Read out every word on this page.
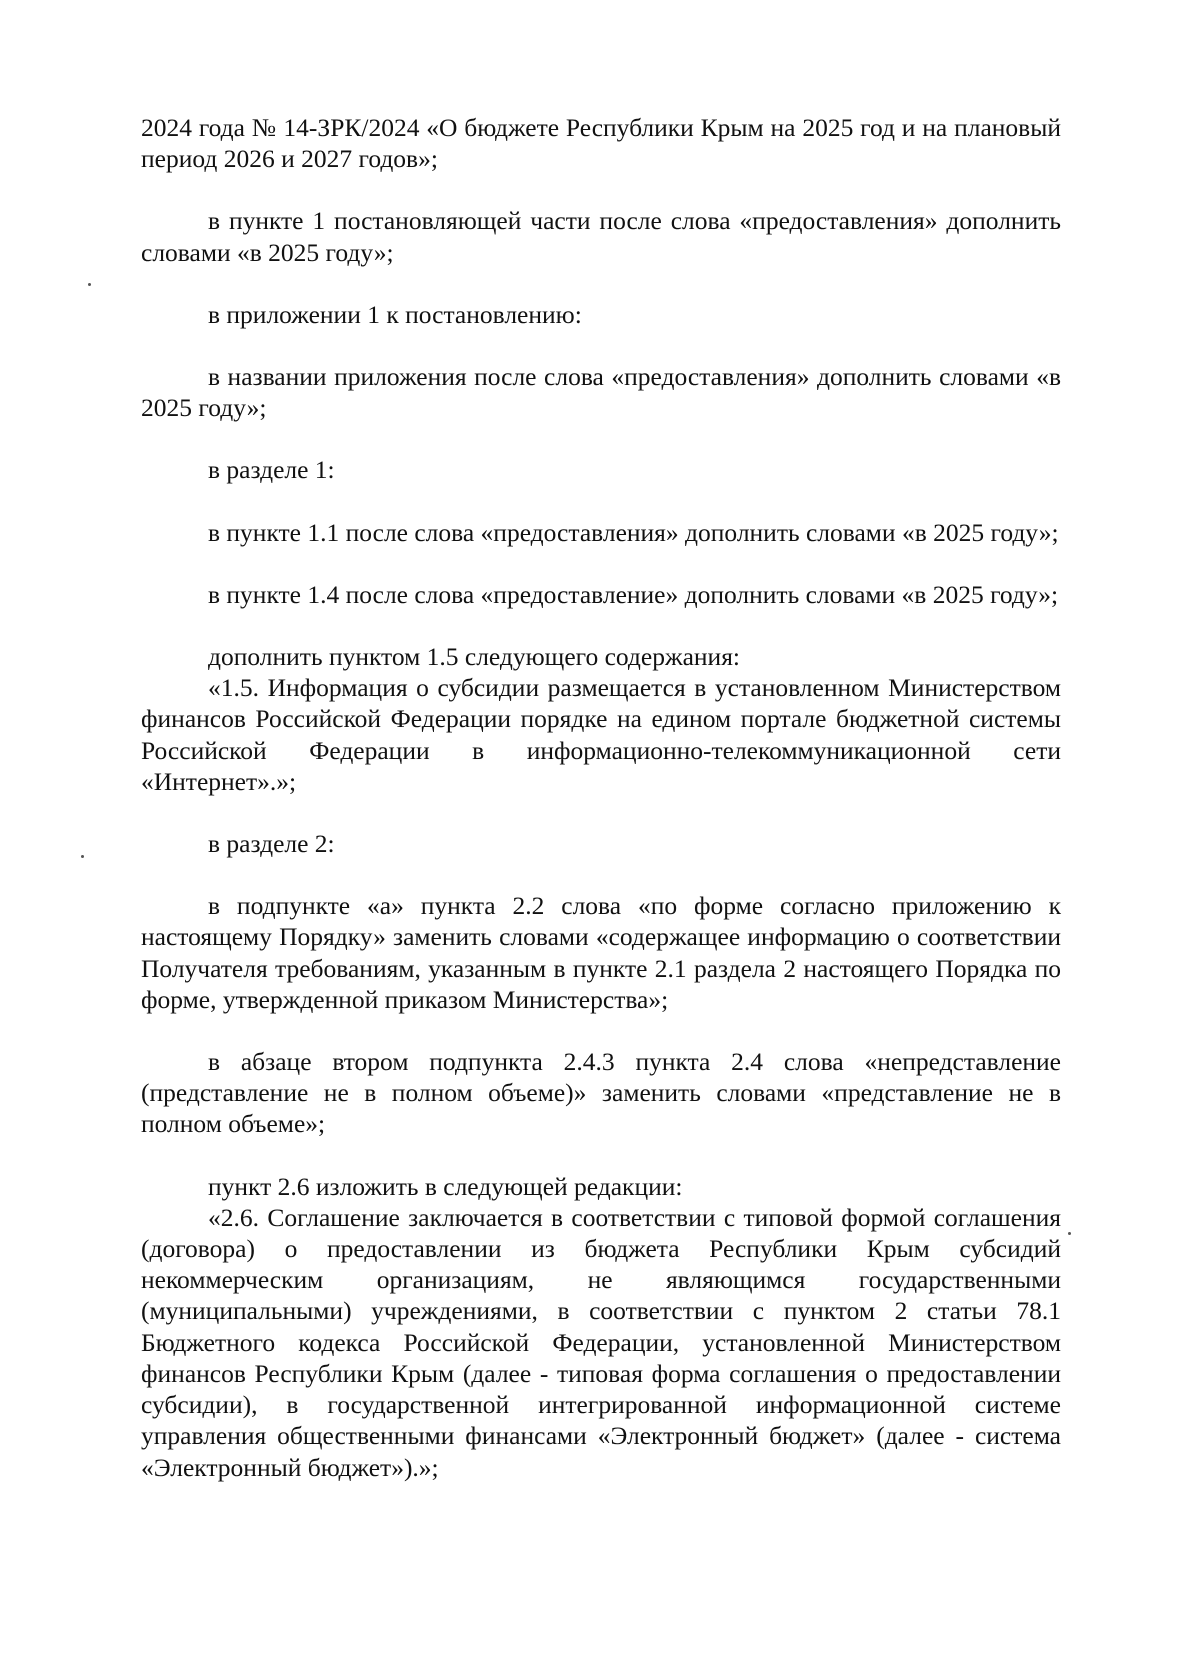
2024 года № 14-ЗРК/2024 «О бюджете Республики Крым на 2025 год и на плановый период 2026 и 2027 годов»;

в пункте 1 постановляющей части после слова «предоставления» дополнить словами «в 2025 году»;

в приложении 1 к постановлению:

в названии приложения после слова «предоставления» дополнить словами «в 2025 году»;

в разделе 1:

в пункте 1.1 после слова «предоставления» дополнить словами «в 2025 году»;

в пункте 1.4 после слова «предоставление» дополнить словами «в 2025 году»;

дополнить пунктом 1.5 следующего содержания:

«1.5. Информация о субсидии размещается в установленном Министерством финансов Российской Федерации порядке на едином портале бюджетной системы Российской Федерации в информационно-телекоммуникационной сети «Интернет».»;

в разделе 2:

в подпункте «а» пункта 2.2 слова «по форме согласно приложению к настоящему Порядку» заменить словами «содержащее информацию о соответствии Получателя требованиям, указанным в пункте 2.1 раздела 2 настоящего Порядка по форме, утвержденной приказом Министерства»;

в абзаце втором подпункта 2.4.3 пункта 2.4 слова «непредставление (представление не в полном объеме)» заменить словами «представление не в полном объеме»;

пункт 2.6 изложить в следующей редакции:

«2.6. Соглашение заключается в соответствии с типовой формой соглашения (договора) о предоставлении из бюджета Республики Крым субсидий некоммерческим организациям, не являющимся государственными (муниципальными) учреждениями, в соответствии с пунктом 2 статьи 78.1 Бюджетного кодекса Российской Федерации, установленной Министерством финансов Республики Крым (далее - типовая форма соглашения о предоставлении субсидии), в государственной интегрированной информационной системе управления общественными финансами «Электронный бюджет» (далее - система «Электронный бюджет»).»;
